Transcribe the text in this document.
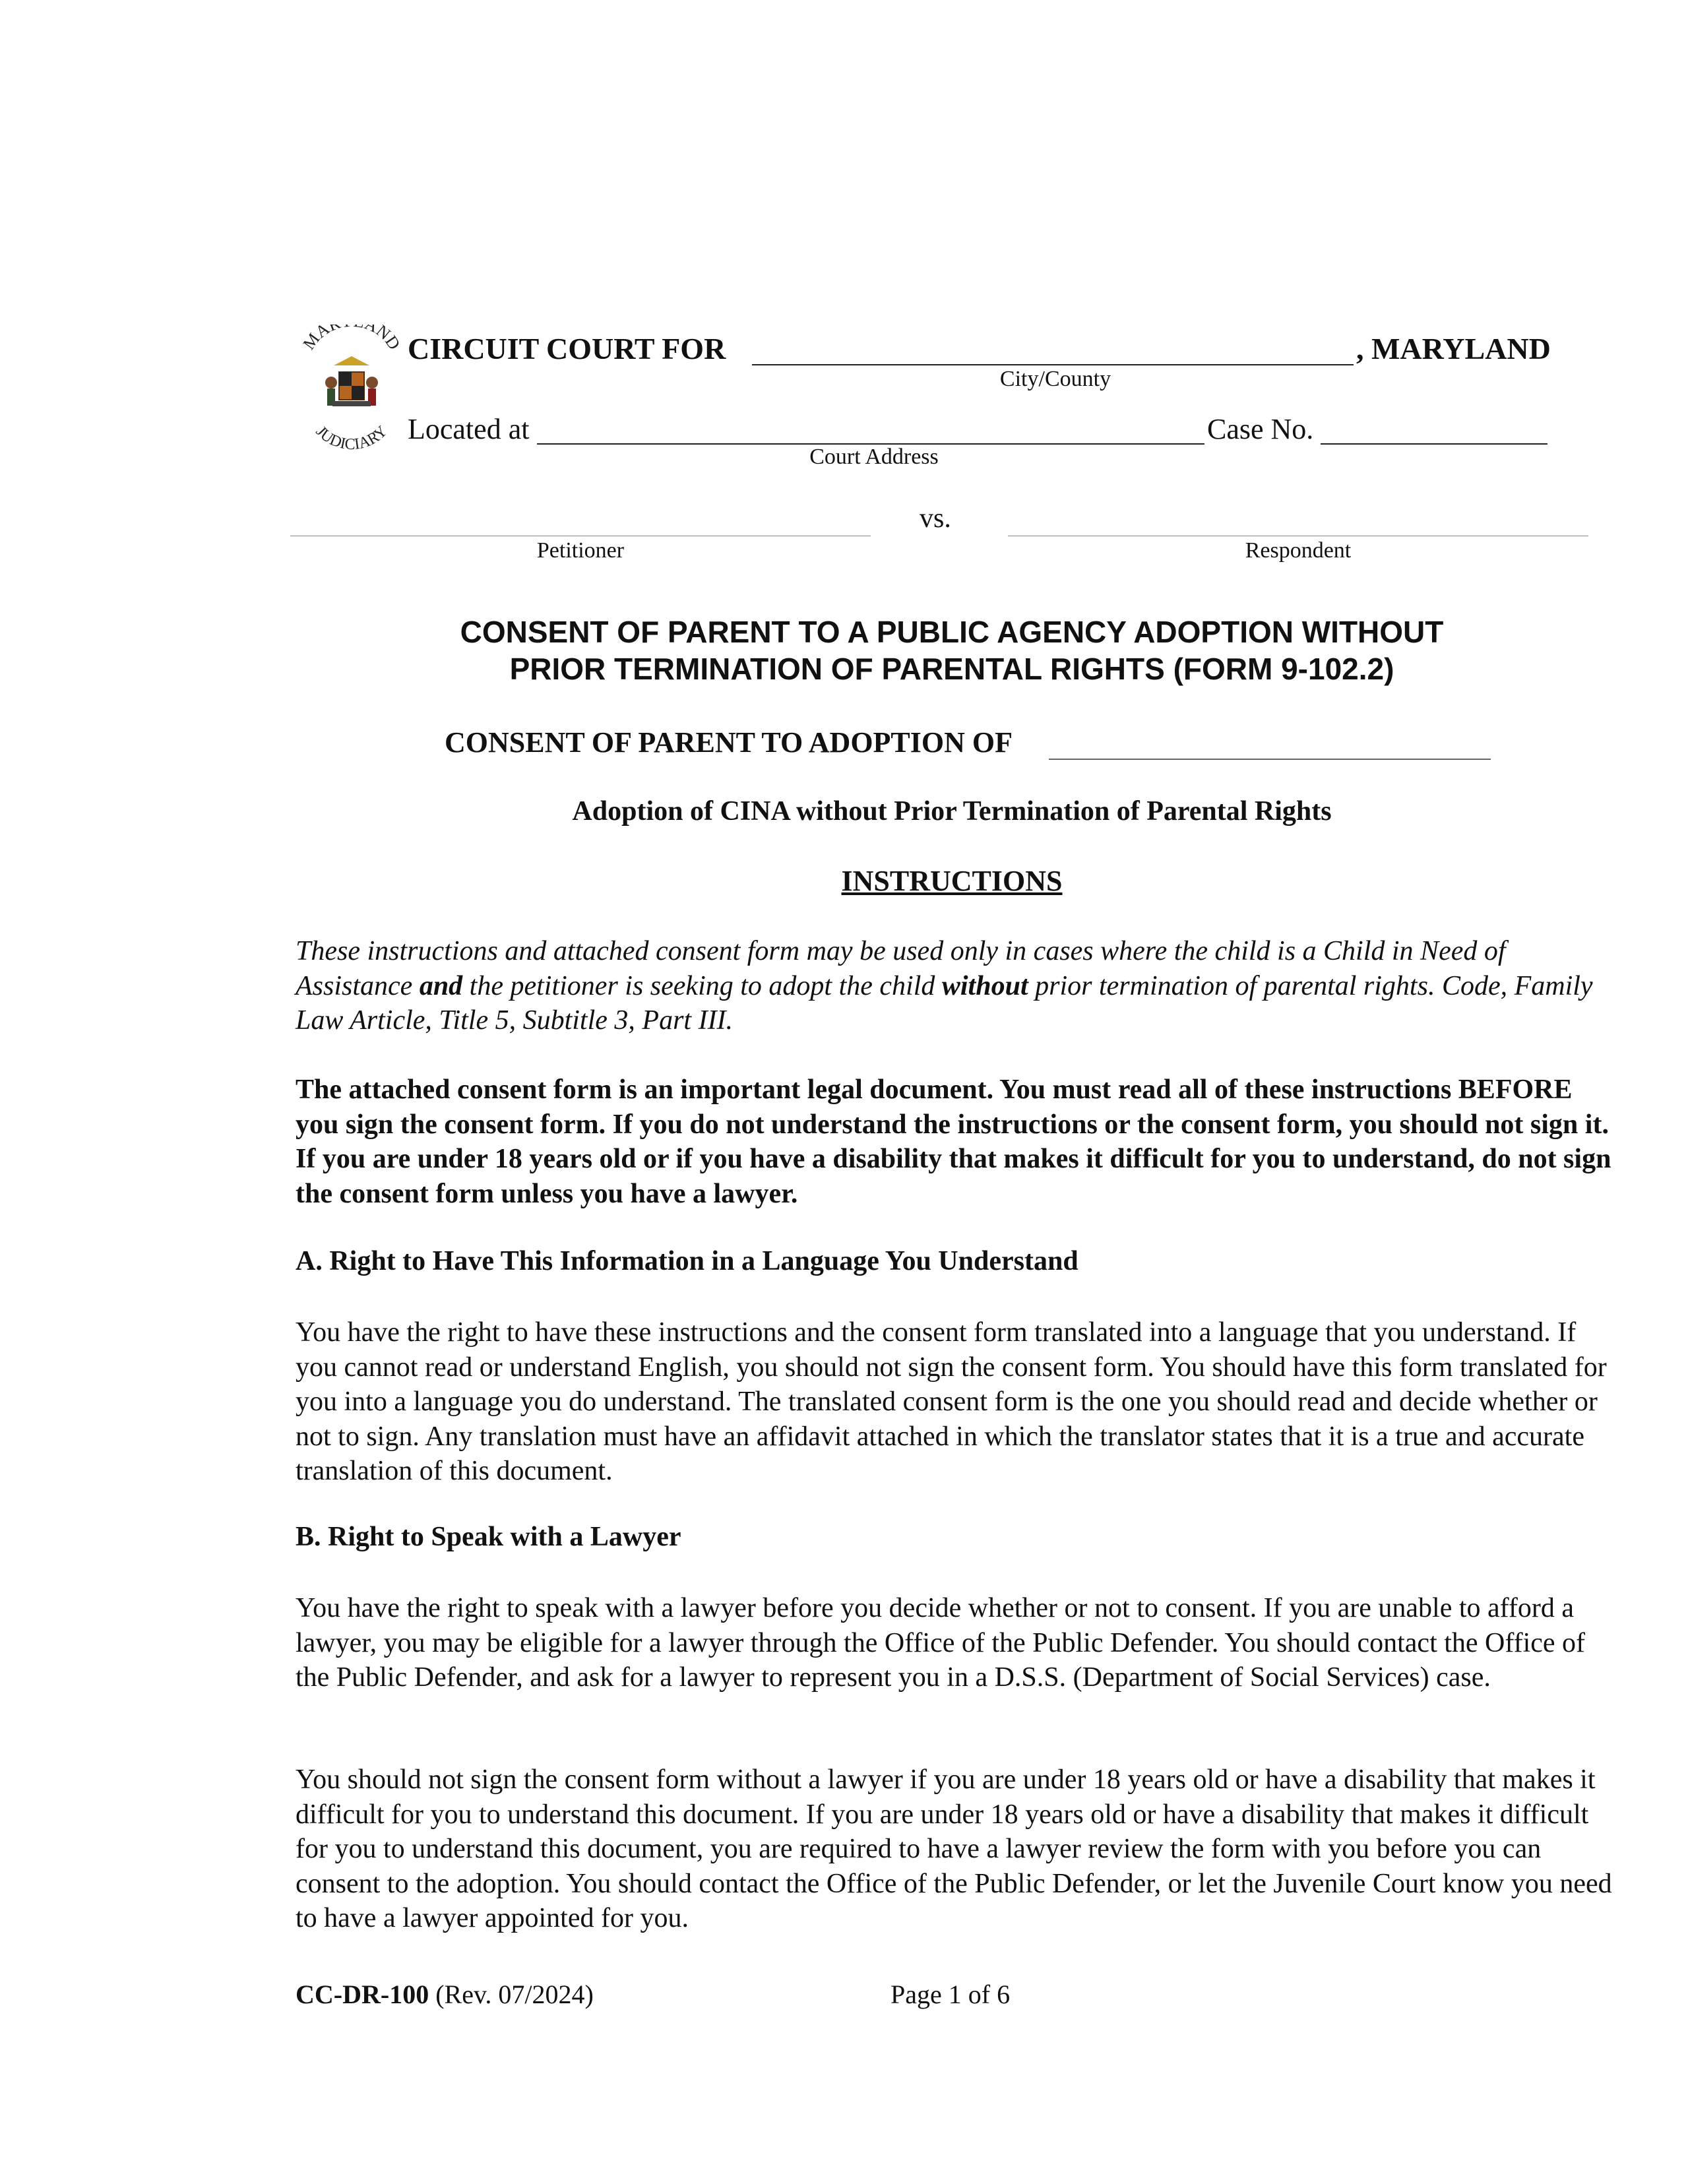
MA AND
JUDICIARY
CIRCUIT COURT FOR	, MARYLAND
City/County
Located at
Court Address
Case No.
vs.
Petitioner	Respondent
CONSENT OF PARENT TO A PUBLIC AGENCY ADOPTION WITHOUT
PRIOR TERMINATION OF PARENTAL RIGHTS (FORM 9-102.2)
CONSENT OF PARENT TO ADOPTION OF
Adoption of CINA without Prior Termination of Parental Rights
INSTRUCTIONS

These instructions and attached consent form may be used only in cases where the child is a Child in Need of Assistance and the petitioner is seeking to adopt the child without prior termination of parental rights. Code, Family Law Article, Title 5, Subtitle 3, Part III.

The attached consent form is an important legal document. You must read all of these instructions BEFORE you sign the consent form. If you do not understand the instructions or the consent form, you should not sign it. If you are under 18 years old or if you have a disability that makes it difficult for you to understand, do not sign the consent form unless you have a lawyer.

A. Right to Have This Information in a Language You Understand

You have the right to have these instructions and the consent form translated into a language that you understand. If you cannot read or understand English, you should not sign the consent form. You should have this form translated for you into a language you do understand. The translated consent form is the one you should read and decide whether or not to sign. Any translation must have an affidavit attached in which the translator states that it is a true and accurate translation of this document.

B. Right to Speak with a Lawyer

You have the right to speak with a lawyer before you decide whether or not to consent. If you are unable to afford a lawyer, you may be eligible for a lawyer through the Office of the Public Defender. You should contact the Office of the Public Defender, and ask for a lawyer to represent you in a D.S.S. (Department of Social Services) case.

You should not sign the consent form without a lawyer if you are under 18 years old or have a disability that makes it difficult for you to understand this document. If you are under 18 years old or have a disability that makes it difficult for you to understand this document, you are required to have a lawyer review the form with you before you can consent to the adoption. You should contact the Office of the Public Defender, or let the Juvenile Court know you need to have a lawyer appointed for you.

CC-DR-100 (Rev. 07/2024)	Page 1 of 6
